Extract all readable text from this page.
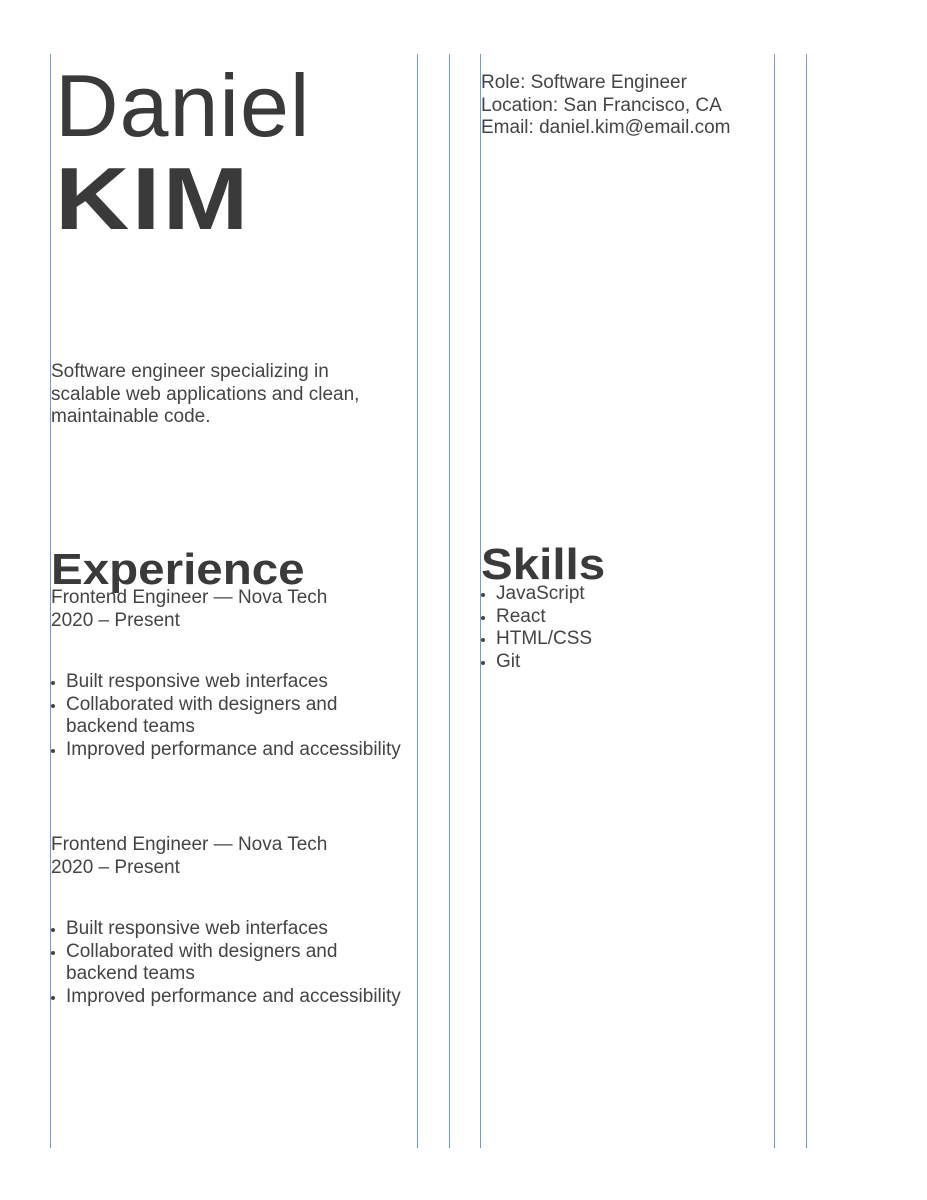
Daniel
KIM

Software engineer specializing in scalable web applications and clean, maintainable code.

Experience
Frontend Engineer — Nova Tech
2020 – Present
Built responsive web interfaces
Collaborated with designers and backend teams
Improved performance and accessibility
Frontend Engineer — Nova Tech
2020 – Present
Built responsive web interfaces
Collaborated with designers and backend teams
Improved performance and accessibility
Role: Software Engineer
Location: San Francisco, CA
Email: daniel.kim@email.com
Skills
JavaScript
React
HTML/CSS
Git
